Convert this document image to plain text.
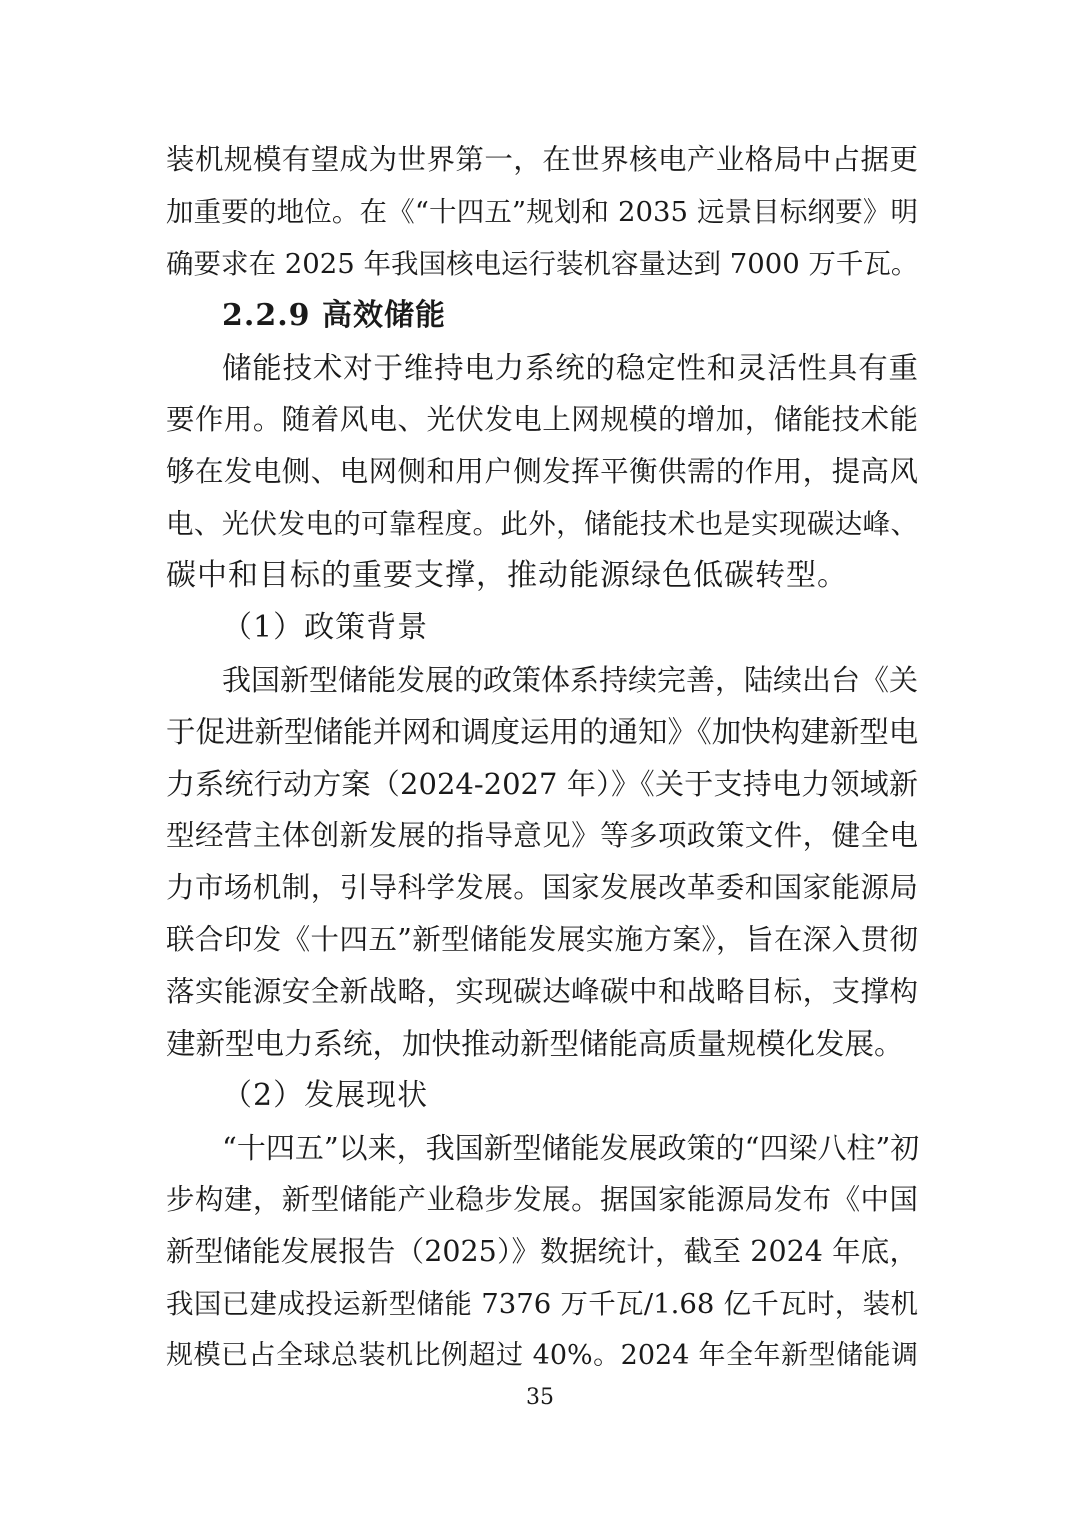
装机规模有望成为世界第一，在世界核电产业格局中占据更
加重要的地位。在《“十四五”规划和 2035 远景目标纲要》明
确要求在 2025 年我国核电运行装机容量达到 7000 万千瓦。
2.2.9 高效储能
储能技术对于维持电力系统的稳定性和灵活性具有重
要作用。随着风电、光伏发电上网规模的增加，储能技术能
够在发电侧、电网侧和用户侧发挥平衡供需的作用，提高风
电、光伏发电的可靠程度。此外，储能技术也是实现碳达峰、
碳中和目标的重要支撑，推动能源绿色低碳转型。
（1）政策背景
我国新型储能发展的政策体系持续完善，陆续出台《关
于促进新型储能并网和调度运用的通知》《加快构建新型电
力系统行动方案（2024-2027 年）》《关于支持电力领域新
型经营主体创新发展的指导意见》等多项政策文件，健全电
力市场机制，引导科学发展。国家发展改革委和国家能源局
联合印发《十四五”新型储能发展实施方案》，旨在深入贯彻
落实能源安全新战略，实现碳达峰碳中和战略目标，支撑构
建新型电力系统，加快推动新型储能高质量规模化发展。
（2）发展现状
“十四五”以来，我国新型储能发展政策的“四梁八柱”初
步构建，新型储能产业稳步发展。据国家能源局发布《中国
新型储能发展报告（2025）》数据统计，截至 2024 年底，
我国已建成投运新型储能 7376 万千瓦/1.68 亿千瓦时，装机
规模已占全球总装机比例超过 40%。2024 年全年新型储能调
35
